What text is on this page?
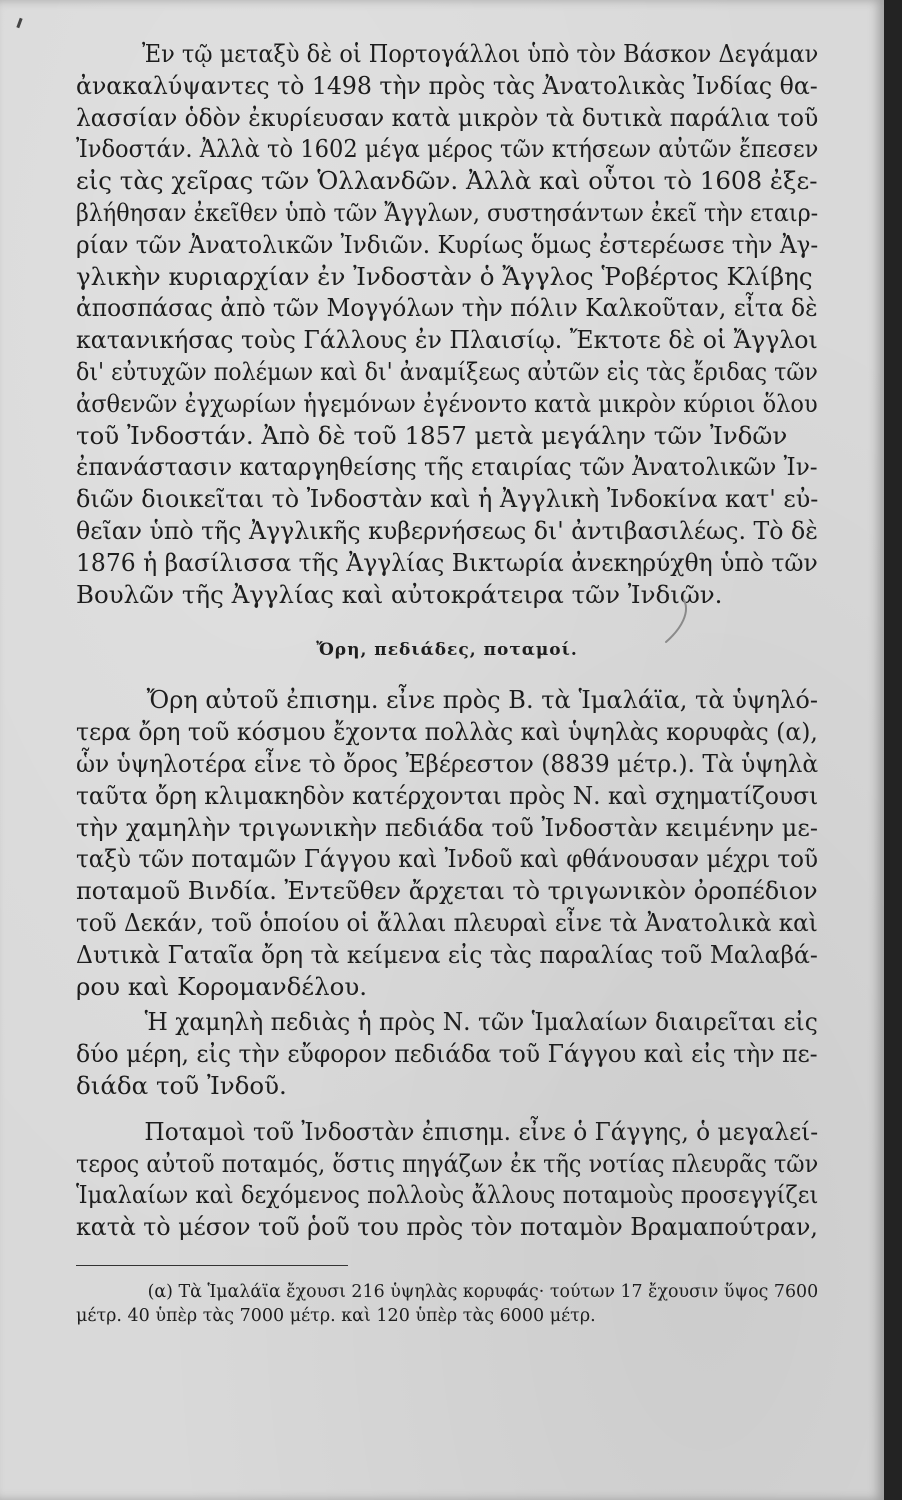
Ἐν τῷ μεταξὺ δὲ οἱ Πορτογάλλοι ὑπὸ τὸν Βάσκον Δεγάμαν
ἀνακαλύψαντες τὸ 1498 τὴν πρὸς τὰς Ἀνατολικὰς Ἰνδίας θα-
λασσίαν ὁδὸν ἐκυρίευσαν κατὰ μικρὸν τὰ δυτικὰ παράλια τοῦ
Ἰνδοστάν. Ἀλλὰ τὸ 1602 μέγα μέρος τῶν κτήσεων αὐτῶν ἔπεσεν
εἰς τὰς χεῖρας τῶν Ὁλλανδῶν. Ἀλλὰ καὶ οὗτοι τὸ 1608 ἐξε-
βλήθησαν ἐκεῖθεν ὑπὸ τῶν Ἄγγλων, συστησάντων ἐκεῖ τὴν εταιρ-
ρίαν τῶν Ἀνατολικῶν Ἰνδιῶν. Κυρίως ὅμως ἐστερέωσε τὴν Ἀγ-
γλικὴν κυριαρχίαν ἐν Ἰνδοστὰν ὁ Ἄγγλος Ῥοβέρτος Κλίβης
ἀποσπάσας ἀπὸ τῶν Μογγόλων τὴν πόλιν Καλκοῦταν, εἶτα δὲ
κατανικήσας τοὺς Γάλλους ἐν Πλαισίῳ. Ἔκτοτε δὲ οἱ Ἄγγλοι
δι' εὐτυχῶν πολέμων καὶ δι' ἀναμίξεως αὐτῶν εἰς τὰς ἔριδας τῶν
ἀσθενῶν ἐγχωρίων ἡγεμόνων ἐγένοντο κατὰ μικρὸν κύριοι ὅλου
τοῦ Ἰνδοστάν. Ἀπὸ δὲ τοῦ 1857 μετὰ μεγάλην τῶν Ἰνδῶν
ἐπανάστασιν καταργηθείσης τῆς εταιρίας τῶν Ἀνατολικῶν Ἰν-
διῶν διοικεῖται τὸ Ἰνδοστὰν καὶ ἡ Ἀγγλικὴ Ἰνδοκίνα κατ' εὐ-
θεῖαν ὑπὸ τῆς Ἀγγλικῆς κυβερνήσεως δι' ἀντιβασιλέως. Τὸ δὲ
1876 ἡ βασίλισσα τῆς Ἀγγλίας Βικτωρία ἀνεκηρύχθη ὑπὸ τῶν
Βουλῶν τῆς Ἀγγλίας καὶ αὐτοκράτειρα τῶν Ἰνδιῶν.

Ὄρη, πεδιάδες, ποταμοί.

Ὄρη αὐτοῦ ἐπισημ. εἶνε πρὸς Β. τὰ Ἱμαλάϊα, τὰ ὑψηλό-
τερα ὄρη τοῦ κόσμου ἔχοντα πολλὰς καὶ ὑψηλὰς κορυφὰς (α),
ὧν ὑψηλοτέρα εἶνε τὸ ὄρος Ἐβέρεστον (8839 μέτρ.). Τὰ ὑψηλὰ
ταῦτα ὄρη κλιμακηδὸν κατέρχονται πρὸς Ν. καὶ σχηματίζουσι
τὴν χαμηλὴν τριγωνικὴν πεδιάδα τοῦ Ἰνδοστὰν κειμένην με-
ταξὺ τῶν ποταμῶν Γάγγου καὶ Ἰνδοῦ καὶ φθάνουσαν μέχρι τοῦ
ποταμοῦ Βινδία. Ἐντεῦθεν ἄρχεται τὸ τριγωνικὸν ὀροπέδιον
τοῦ Δεκάν, τοῦ ὁποίου οἱ ἄλλαι πλευραὶ εἶνε τὰ Ἀνατολικὰ καὶ
Δυτικὰ Γαταῖα ὄρη τὰ κείμενα εἰς τὰς παραλίας τοῦ Μαλαβά-
ρου καὶ Κορομανδέλου.

Ἡ χαμηλὴ πεδιὰς ἡ πρὸς Ν. τῶν Ἱμαλαίων διαιρεῖται εἰς
δύο μέρη, εἰς τὴν εὔφορον πεδιάδα τοῦ Γάγγου καὶ εἰς τὴν πε-
διάδα τοῦ Ἰνδοῦ.

Ποταμοὶ τοῦ Ἰνδοστὰν ἐπισημ. εἶνε ὁ Γάγγης, ὁ μεγαλεί-
τερος αὐτοῦ ποταμός, ὅστις πηγάζων ἐκ τῆς νοτίας πλευρᾶς τῶν
Ἱμαλαίων καὶ δεχόμενος πολλοὺς ἄλλους ποταμοὺς προσεγγίζει
κατὰ τὸ μέσον τοῦ ῥοῦ του πρὸς τὸν ποταμὸν Βραμαπούτραν,

(α) Τὰ Ἱμαλάϊα ἔχουσι 216 ὑψηλὰς κορυφάς· τούτων 17 ἔχουσιν ὕψος 7600
μέτρ. 40 ὑπὲρ τὰς 7000 μέτρ. καὶ 120 ὑπὲρ τὰς 6000 μέτρ.
